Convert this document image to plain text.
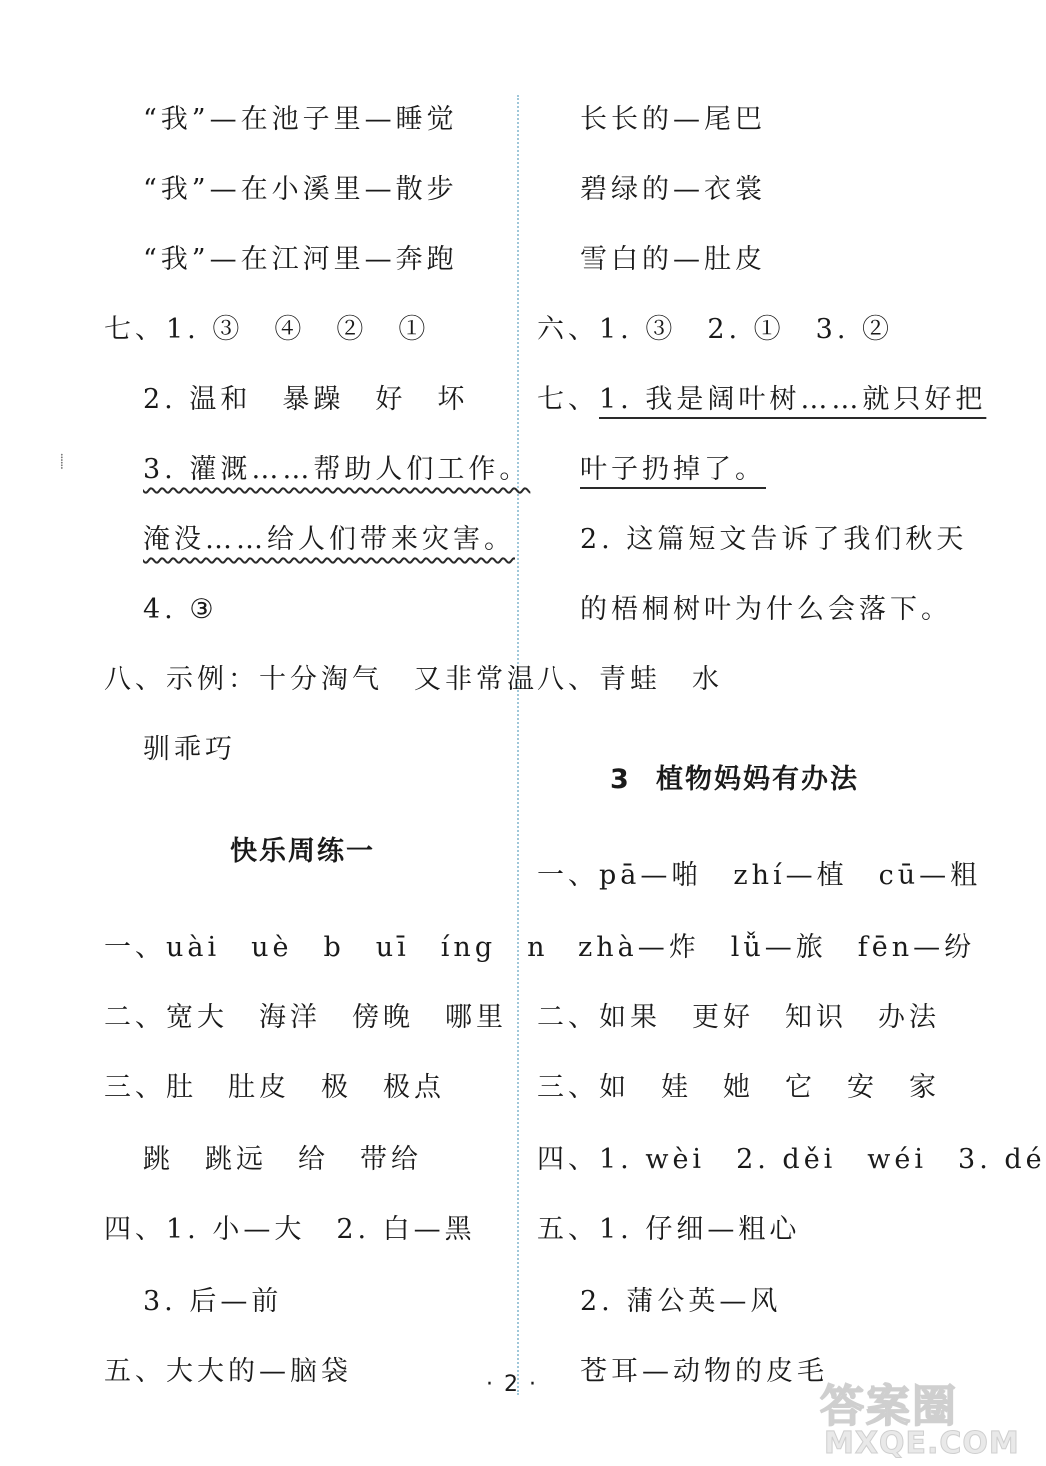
⸽
“我”—在池子里—睡觉
“我”—在小溪里—散步
“我”—在江河里—奔跑
七、1. ③　④　②　①
2. 温和　暴躁　好　坏
3. 灌溉……帮助人们工作。
淹没……给人们带来灾害。
4. ③
八、示例：十分淘气　又非常温
驯乖巧
快乐周练一
一、uài　uè　b　uī　íng　n
二、宽大　海洋　傍晚　哪里
三、肚　肚皮　极　极点
跳　跳远　给　带给
四、1. 小—大　2. 白—黑
3. 后—前
五、大大的—脑袋
长长的—尾巴
碧绿的—衣裳
雪白的—肚皮
六、1. ③　2. ①　3. ②
七、1. 我是阔叶树……就只好把
叶子扔掉了。
2. 这篇短文告诉了我们秋天
的梧桐树叶为什么会落下。
八、青蛙　水
3 植物妈妈有办法
一、pā—啪　zhí—植　cū—粗
zhà—炸　lǚ—旅　fēn—纷
二、如果　更好　知识　办法
三、如　娃　她　它　安　家
四、1. wèi　2. děi　wéi　3. dé
五、1. 仔细—粗心
2. 蒲公英—风
苍耳—动物的皮毛
· 2 ·	答案圈
MXQE.COM
